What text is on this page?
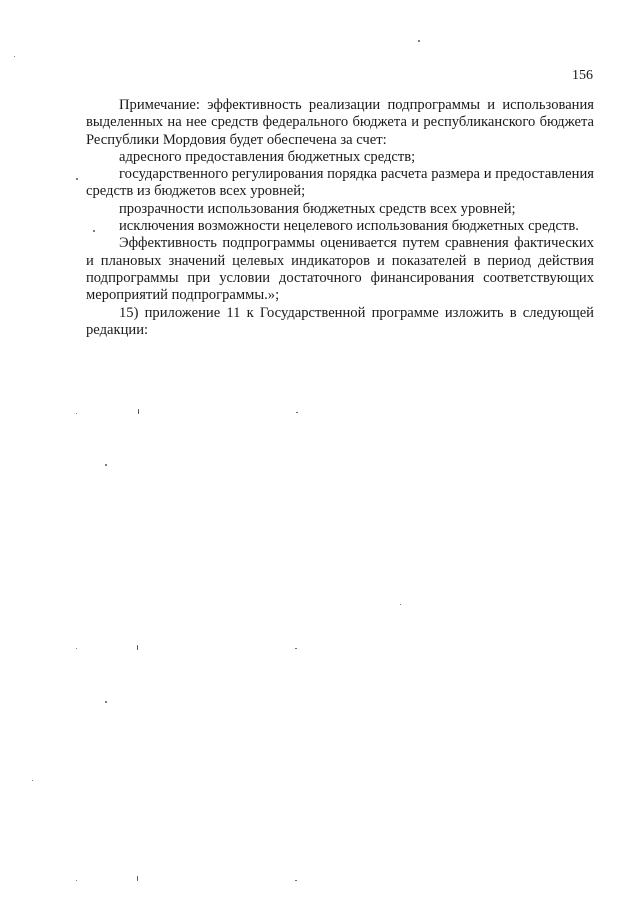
156

Примечание: эффективность реализации подпрограммы и использования выделенных на нее средств федерального бюджета и республиканского бюджета Республики Мордовия будет обеспечена за счет:

адресного предоставления бюджетных средств;

государственного регулирования порядка расчета размера и предоставления средств из бюджетов всех уровней;

прозрачности использования бюджетных средств всех уровней;

исключения возможности нецелевого использования бюджетных средств.

Эффективность подпрограммы оценивается путем сравнения фактических и плановых значений целевых индикаторов и показателей в период действия подпрограммы при условии достаточного финансирования соответствующих мероприятий подпрограммы.»;

15) приложение 11 к Государственной программе изложить в следующей редакции:
